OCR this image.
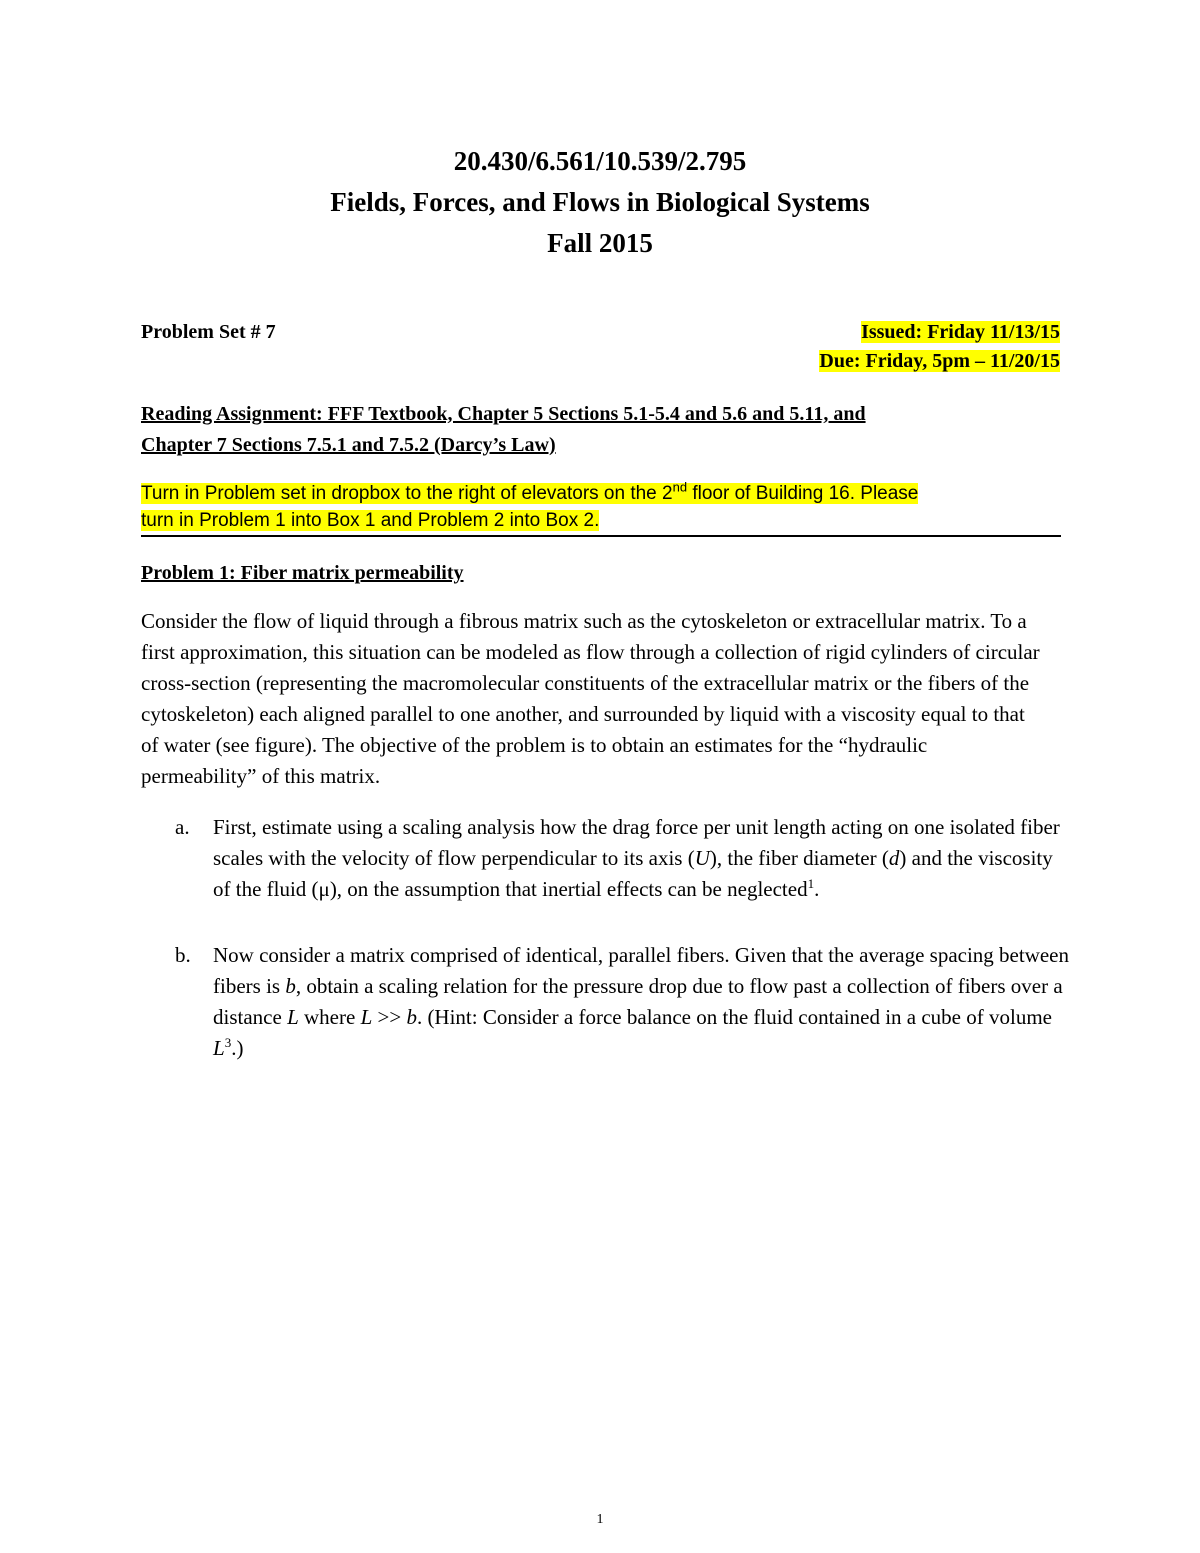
20.430/6.561/10.539/2.795
Fields, Forces, and Flows in Biological Systems
Fall 2015
Problem Set # 7	Issued: Friday 11/13/15
Due: Friday, 5pm – 11/20/15
Reading Assignment: FFF Textbook, Chapter 5 Sections 5.1-5.4 and 5.6 and 5.11, and
Chapter 7 Sections 7.5.1 and 7.5.2 (Darcy’s Law)
Turn in Problem set in dropbox to the right of elevators on the 2nd floor of Building 16. Please
turn in Problem 1 into Box 1 and Problem 2 into Box 2.
Problem 1: Fiber matrix permeability
Consider the flow of liquid through a fibrous matrix such as the cytoskeleton or extracellular matrix. To a first approximation, this situation can be modeled as flow through a collection of rigid cylinders of circular cross-section (representing the macromolecular constituents of the extracellular matrix or the fibers of the cytoskeleton) each aligned parallel to one another, and surrounded by liquid with a viscosity equal to that of water (see figure). The objective of the problem is to obtain an estimates for the “hydraulic permeability” of this matrix.
a. First, estimate using a scaling analysis how the drag force per unit length acting on one isolated fiber scales with the velocity of flow perpendicular to its axis (U), the fiber diameter (d) and the viscosity of the fluid (μ), on the assumption that inertial effects can be neglected$^1$.
b. Now consider a matrix comprised of identical, parallel fibers. Given that the average spacing between fibers is b, obtain a scaling relation for the pressure drop due to flow past a collection of fibers over a distance L where L >> b. (Hint: Consider a force balance on the fluid contained in a cube of volume $L^3$.)
1
